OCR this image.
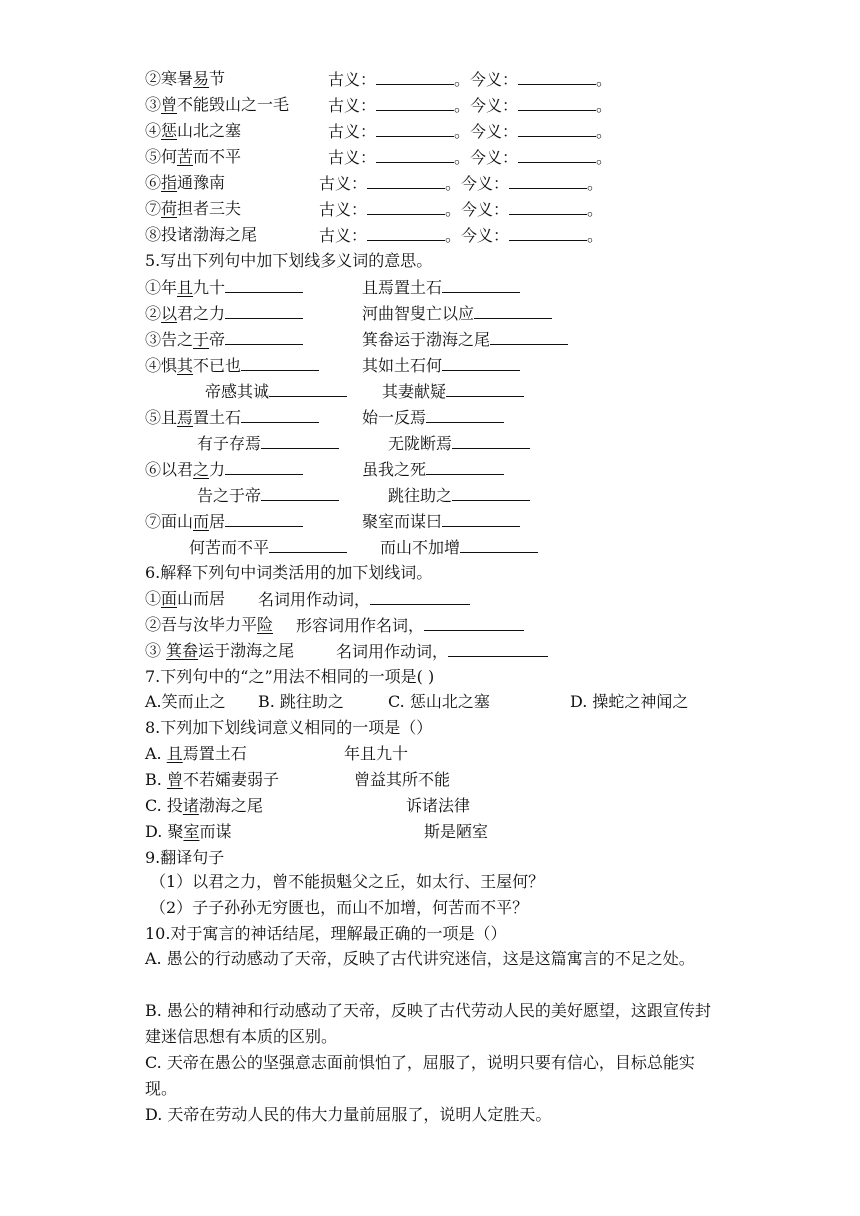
②寒暑易节	古义：	。今义：	。
③曾不能毁山之一毛 古义：	。今义：	。
④惩山北之塞	古义：	。今义：	。
⑤何苦而不平	古义：	。今义：	。
⑥指通豫南	古义：	。今义：	。
⑦荷担者三夫	古义：	。今义：	。
⑧投诸渤海之尾	古义：	。今义：	。
5.写出下列句中加下划线多义词的意思。
①年且九十	且焉置土石
②以君之力	河曲智叟亡以应
③告之于帝	箕畚运于渤海之尾
④惧其不已也	其如土石何
帝感其诚	其妻献疑
⑤且焉置土石	始一反焉
有子存焉	无陇断焉
⑥以君之力	虽我之死
告之于帝	跳往助之
⑦面山而居	聚室而谋曰
何苦而不平	而山不加增
6.解释下列句中词类活用的加下划线词。
①面山而居 名词用作动词，
②吾与汝毕力平险 形容词用作名词，
③ 箕畚运于渤海之尾	名词用作动词，
7.下列句中的“之”用法不相同的一项是( )
A.笑而止之 B. 跳往助之	C. 惩山北之塞	D. 操蛇之神闻之
8.下列加下划线词意义相同的一项是（）
A. 且焉置土石	年且九十
B. 曾不若孀妻弱子	曾益其所不能
C. 投诸渤海之尾	诉诸法律
D. 聚室而谋	斯是陋室
9.翻译句子
（1）以君之力，曾不能损魁父之丘，如太行、王屋何？
（2）子子孙孙无穷匮也，而山不加增，何苦而不平？
10.对于寓言的神话结尾，理解最正确的一项是（）
A. 愚公的行动感动了天帝，反映了古代讲究迷信，这是这篇寓言的不足之处。
B. 愚公的精神和行动感动了天帝，反映了古代劳动人民的美好愿望，这跟宣传封建迷信思想有本质的区别。
C. 天帝在愚公的坚强意志面前惧怕了，屈服了，说明只要有信心，目标总能实现。
D. 天帝在劳动人民的伟大力量前屈服了，说明人定胜天。
